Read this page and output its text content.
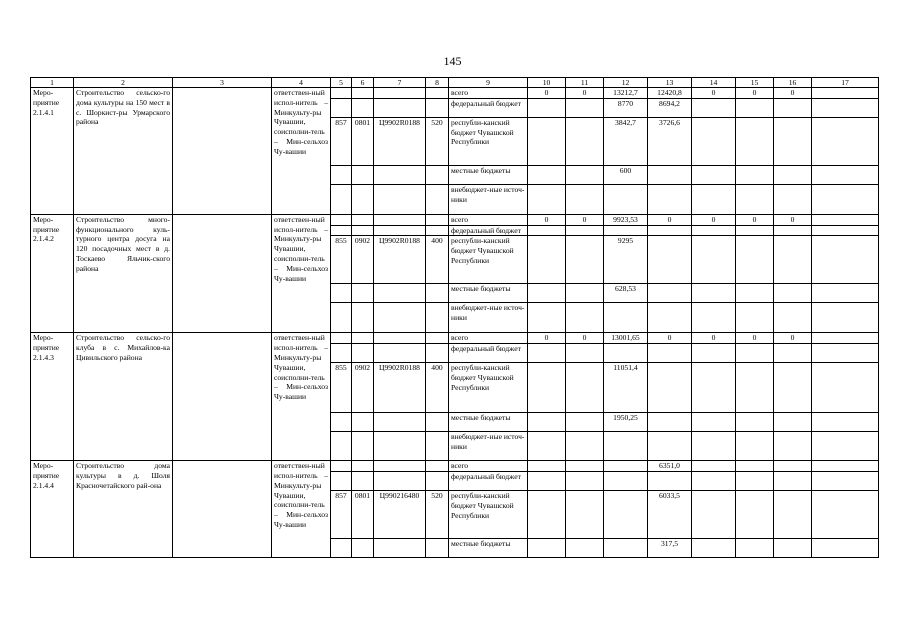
145
1	2	3	4	5	6	7	8	9	10	11	12	13	14	15	16	17
Меро-приятие 2.1.4.1	Строительство сельско-го дома культуры на 150 мест в с. Шоркист-ры Урмарского района		ответствен-ный испол-нитель – Минкульту-ры Чувашии, соисполни-тель – Мин-сельхоз Чу-вашии					всего	0	0	13212,7	12420,8	0	0	0	
								федеральный бюджет			8770	8694,2				
				857	0801	Ц9902R0188	520	республи-канский бюджет Чувашской Республики			3842,7	3726,6				
								местные бюджеты			600					
								внебюджет-ные источ-ники								
Меро-приятие 2.1.4.2	Строительство много-функционального куль-турного центра досуга на 120 посадочных мест в д. Тоскаево Яльчик-ского района		ответствен-ный испол-нитель – Минкульту-ры Чувашии, соисполни-тель – Мин-сельхоз Чу-вашии					всего	0	0	9923,53	0	0	0	0	
								федеральный бюджет								
				855	0902	Ц9902R0188	400	республи-канский бюджет Чувашской Республики			9295					
								местные бюджеты			628,53					
								внебюджет-ные источ-ники								
Меро-приятие 2.1.4.3	Строительство сельско-го клуба в с. Михайлов-ка Цивильского района		ответствен-ный испол-нитель – Минкульту-ры Чувашии, соисполни-тель – Мин-сельхоз Чу-вашии					всего	0	0	13001,65	0	0	0	0	
								федеральный бюджет								
				855	0902	Ц9902R0188	400	республи-канский бюджет Чувашской Республики			11051,4					
								местные бюджеты			1950,25					
								внебюджет-ные источ-ники								
Меро-приятие 2.1.4.4	Строительство дома культуры в д. Шоля Красночетайского рай-она		ответствен-ный испол-нитель – Минкульту-ры Чувашии, соисполни-тель – Мин-сельхоз Чу-вашии					всего				6351,0				
								федеральный бюджет								
				857	0801	Ц990216480	520	республи-канский бюджет Чувашской Республики				6033,5				
								местные бюджеты				317,5				
